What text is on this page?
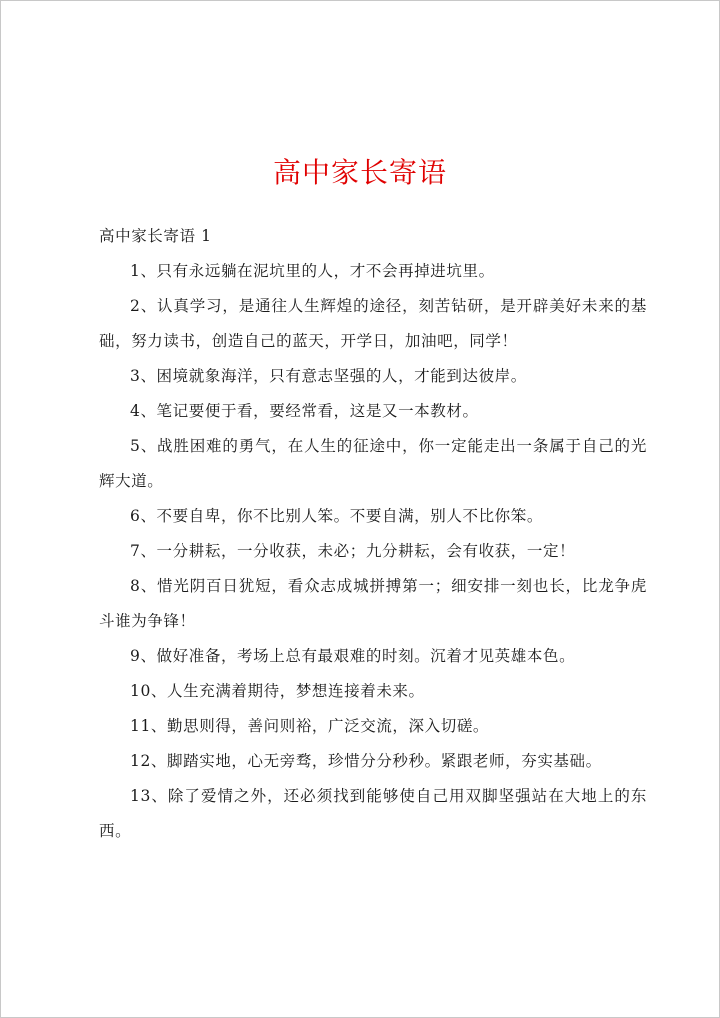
高中家长寄语

高中家长寄语 1

1、只有永远躺在泥坑里的人，才不会再掉进坑里。

2、认真学习，是通往人生辉煌的途径，刻苦钻研，是开辟美好未来的基础，努力读书，创造自己的蓝天，开学日，加油吧，同学！

3、困境就象海洋，只有意志坚强的人，才能到达彼岸。

4、笔记要便于看，要经常看，这是又一本教材。

5、战胜困难的勇气，在人生的征途中，你一定能走出一条属于自己的光辉大道。

6、不要自卑，你不比别人笨。不要自满，别人不比你笨。

7、一分耕耘，一分收获，未必；九分耕耘，会有收获，一定！

8、惜光阴百日犹短，看众志成城拼搏第一；细安排一刻也长，比龙争虎斗谁为争锋！

9、做好准备，考场上总有最艰难的时刻。沉着才见英雄本色。

10、人生充满着期待，梦想连接着未来。

11、勤思则得，善问则裕，广泛交流，深入切磋。

12、脚踏实地，心无旁骛，珍惜分分秒秒。紧跟老师，夯实基础。

13、除了爱情之外，还必须找到能够使自己用双脚坚强站在大地上的东西。
